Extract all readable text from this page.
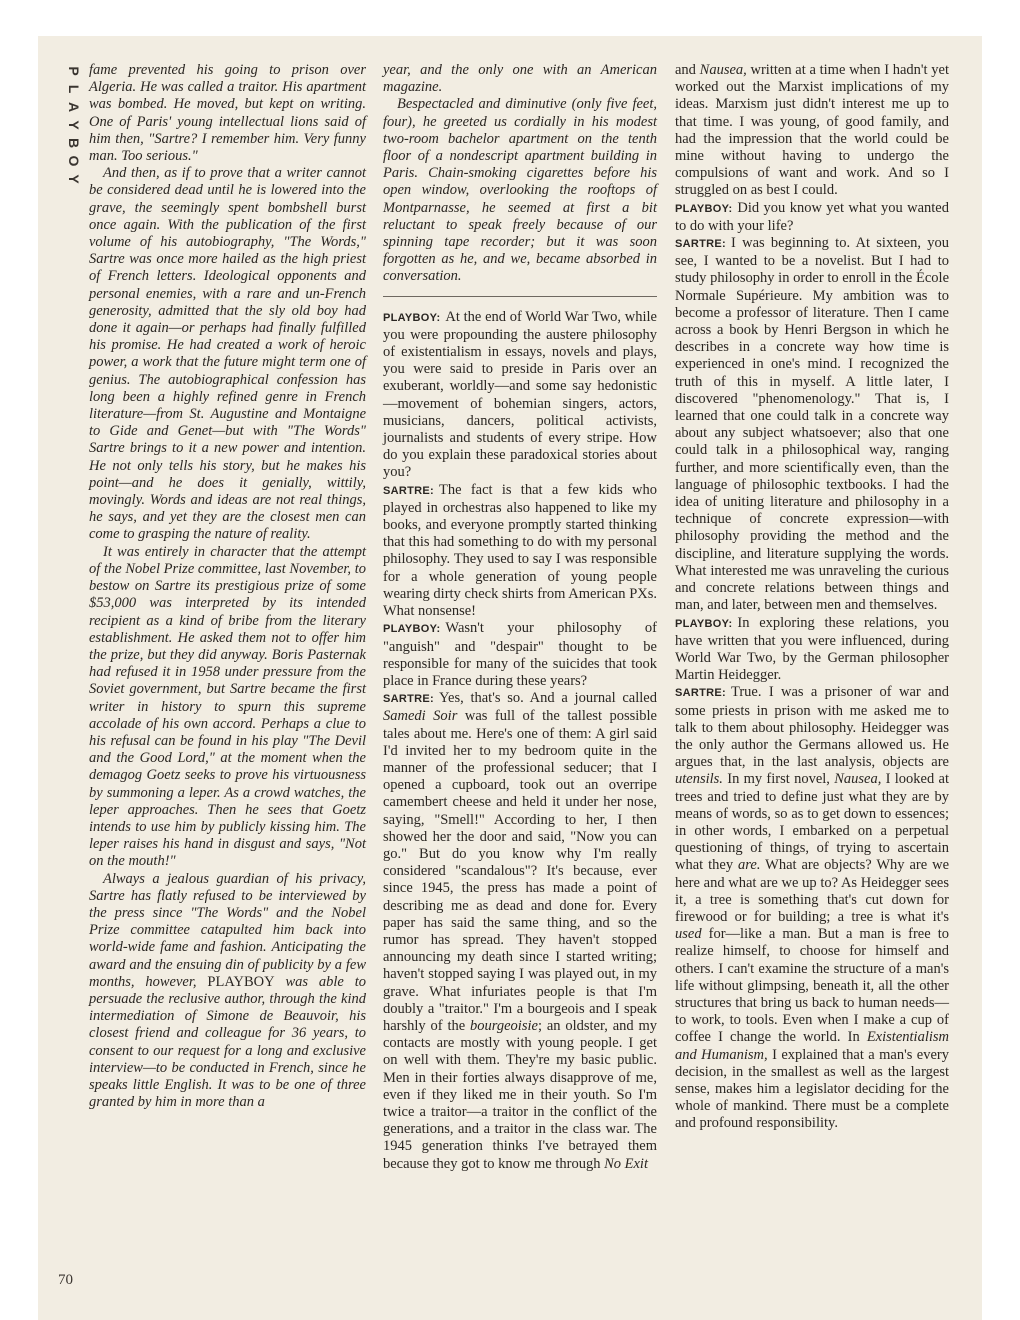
P
L
A
Y
B
O
Y
70

fame prevented his going to prison over Algeria. He was called a traitor. His apartment was bombed. He moved, but kept on writing. One of Paris' young intellectual lions said of him then, "Sartre? I remember him. Very funny man. Too serious."

And then, as if to prove that a writer cannot be considered dead until he is lowered into the grave, the seemingly spent bombshell burst once again. With the publication of the first volume of his autobiography, "The Words," Sartre was once more hailed as the high priest of French letters. Ideological opponents and personal enemies, with a rare and un-French generosity, admitted that the sly old boy had done it again—or perhaps had finally fulfilled his promise. He had created a work of heroic power, a work that the future might term one of genius. The autobiographical confession has long been a highly refined genre in French literature—from St. Augustine and Montaigne to Gide and Genet—but with "The Words" Sartre brings to it a new power and intention. He not only tells his story, but he makes his point—and he does it genially, wittily, movingly. Words and ideas are not real things, he says, and yet they are the closest men can come to grasping the nature of reality.

It was entirely in character that the attempt of the Nobel Prize committee, last November, to bestow on Sartre its prestigious prize of some $53,000 was interpreted by its intended recipient as a kind of bribe from the literary establishment. He asked them not to offer him the prize, but they did anyway. Boris Pasternak had refused it in 1958 under pressure from the Soviet government, but Sartre became the first writer in history to spurn this supreme accolade of his own accord. Perhaps a clue to his refusal can be found in his play "The Devil and the Good Lord," at the moment when the demagog Goetz seeks to prove his virtuousness by summoning a leper. As a crowd watches, the leper approaches. Then he sees that Goetz intends to use him by publicly kissing him. The leper raises his hand in disgust and says, "Not on the mouth!"

Always a jealous guardian of his privacy, Sartre has flatly refused to be interviewed by the press since "The Words" and the Nobel Prize committee catapulted him back into world-wide fame and fashion. Anticipating the award and the ensuing din of publicity by a few months, however, PLAYBOY was able to persuade the reclusive author, through the kind intermediation of Simone de Beauvoir, his closest friend and colleague for 36 years, to consent to our request for a long and exclusive interview—to be conducted in French, since he speaks little English. It was to be one of three granted by him in more than a

year, and the only one with an American magazine.

Bespectacled and diminutive (only five feet, four), he greeted us cordially in his modest two-room bachelor apartment on the tenth floor of a nondescript apartment building in Paris. Chain-smoking cigarettes before his open window, overlooking the rooftops of Montparnasse, he seemed at first a bit reluctant to speak freely because of our spinning tape recorder; but it was soon forgotten as he, and we, became absorbed in conversation.

PLAYBOY: At the end of World War Two, while you were propounding the austere philosophy of existentialism in essays, novels and plays, you were said to preside in Paris over an exuberant, worldly—and some say hedonistic—movement of bohemian singers, actors, musicians, dancers, political activists, journalists and students of every stripe. How do you explain these paradoxical stories about you?

SARTRE: The fact is that a few kids who played in orchestras also happened to like my books, and everyone promptly started thinking that this had something to do with my personal philosophy. They used to say I was responsible for a whole generation of young people wearing dirty check shirts from American PXs. What nonsense!

PLAYBOY: Wasn't your philosophy of "anguish" and "despair" thought to be responsible for many of the suicides that took place in France during these years?

SARTRE: Yes, that's so. And a journal called Samedi Soir was full of the tallest possible tales about me. Here's one of them: A girl said I'd invited her to my bedroom quite in the manner of the professional seducer; that I opened a cupboard, took out an overripe camembert cheese and held it under her nose, saying, "Smell!" According to her, I then showed her the door and said, "Now you can go." But do you know why I'm really considered "scandalous"? It's because, ever since 1945, the press has made a point of describing me as dead and done for. Every paper has said the same thing, and so the rumor has spread. They haven't stopped announcing my death since I started writing; haven't stopped saying I was played out, in my grave. What infuriates people is that I'm doubly a "traitor." I'm a bourgeois and I speak harshly of the bourgeoisie; an oldster, and my contacts are mostly with young people. I get on well with them. They're my basic public. Men in their forties always disapprove of me, even if they liked me in their youth. So I'm twice a traitor—a traitor in the conflict of the generations, and a traitor in the class war. The 1945 generation thinks I've betrayed them because they got to know me through No Exit

and Nausea, written at a time when I hadn't yet worked out the Marxist implications of my ideas. Marxism just didn't interest me up to that time. I was young, of good family, and had the impression that the world could be mine without having to undergo the compulsions of want and work. And so I struggled on as best I could.

PLAYBOY: Did you know yet what you wanted to do with your life?

SARTRE: I was beginning to. At sixteen, you see, I wanted to be a novelist. But I had to study philosophy in order to enroll in the École Normale Supérieure. My ambition was to become a professor of literature. Then I came across a book by Henri Bergson in which he describes in a concrete way how time is experienced in one's mind. I recognized the truth of this in myself. A little later, I discovered "phenomenology." That is, I learned that one could talk in a concrete way about any subject whatsoever; also that one could talk in a philosophical way, ranging further, and more scientifically even, than the language of philosophic textbooks. I had the idea of uniting literature and philosophy in a technique of concrete expression—with philosophy providing the method and the discipline, and literature supplying the words. What interested me was unraveling the curious and concrete relations between things and man, and later, between men and themselves.

PLAYBOY: In exploring these relations, you have written that you were influenced, during World War Two, by the German philosopher Martin Heidegger.

SARTRE: True. I was a prisoner of war and some priests in prison with me asked me to talk to them about philosophy. Heidegger was the only author the Germans allowed us. He argues that, in the last analysis, objects are utensils. In my first novel, Nausea, I looked at trees and tried to define just what they are by means of words, so as to get down to essences; in other words, I embarked on a perpetual questioning of things, of trying to ascertain what they are. What are objects? Why are we here and what are we up to? As Heidegger sees it, a tree is something that's cut down for firewood or for building; a tree is what it's used for—like a man. But a man is free to realize himself, to choose for himself and others. I can't examine the structure of a man's life without glimpsing, beneath it, all the other structures that bring us back to human needs—to work, to tools. Even when I make a cup of coffee I change the world. In Existentialism and Humanism, I explained that a man's every decision, in the smallest as well as the largest sense, makes him a legislator deciding for the whole of mankind. There must be a complete and profound responsibility.
